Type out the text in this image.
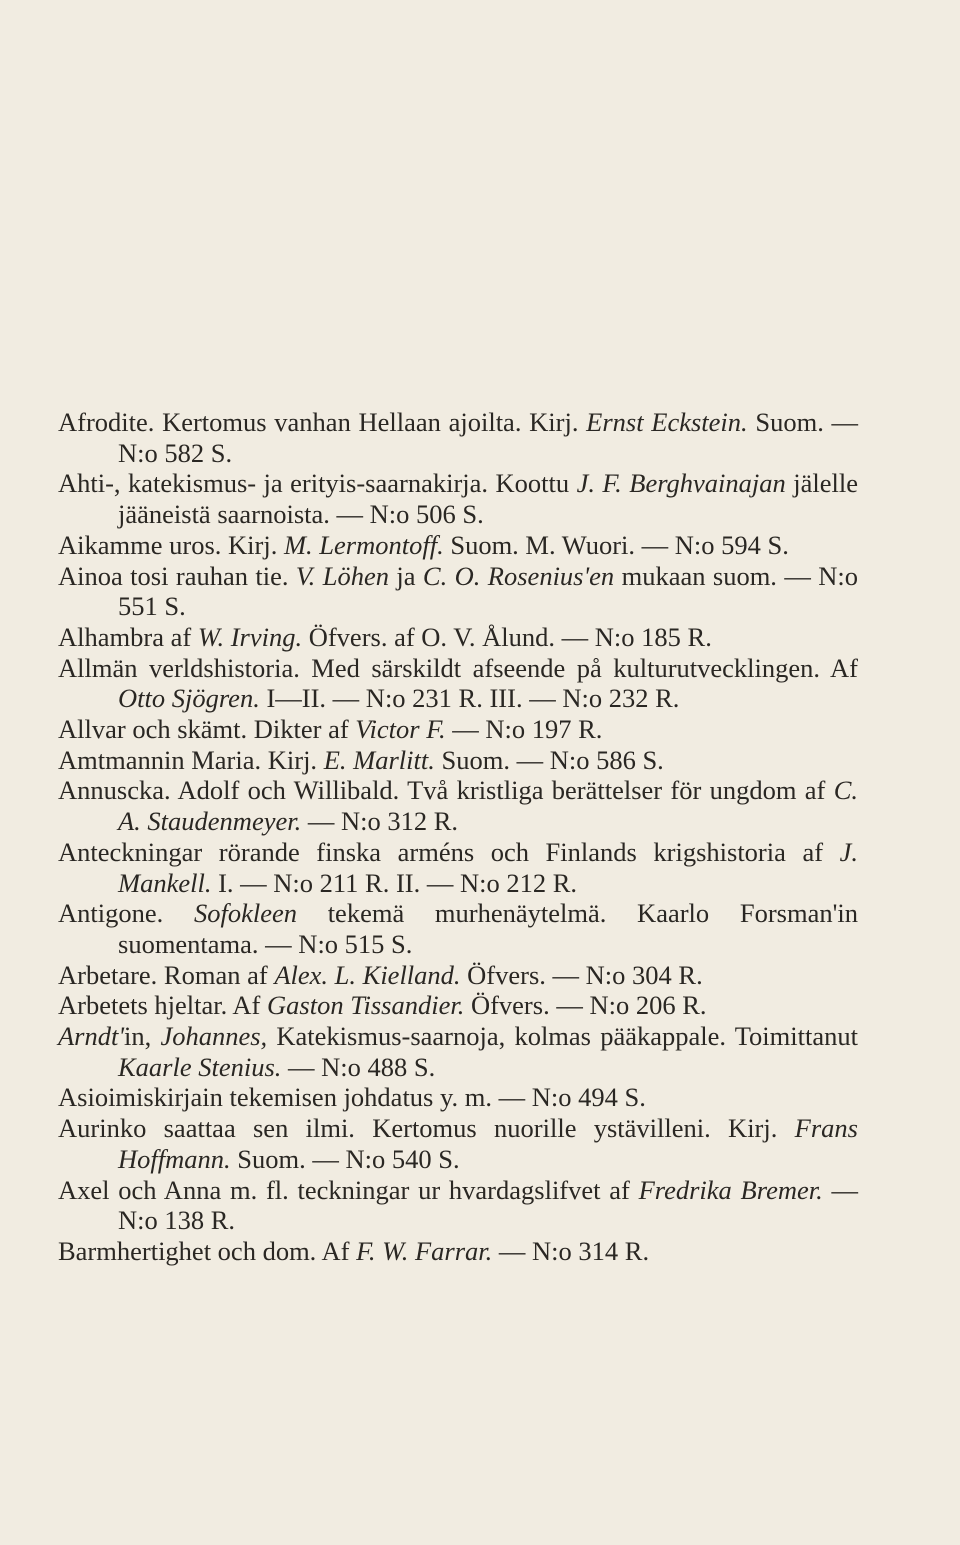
Afrodite. Kertomus vanhan Hellaan ajoilta. Kirj. Ernst Eckstein. Suom. — N:o 582 S.
Ahti-, katekismus- ja erityis-saarnakirja. Koottu J. F. Berghvainajan jälelle jääneistä saarnoista. — N:o 506 S.
Aikamme uros. Kirj. M. Lermontoff. Suom. M. Wuori. — N:o 594 S.
Ainoa tosi rauhan tie. V. Löhen ja C. O. Rosenius'en mukaan suom. — N:o 551 S.
Alhambra af W. Irving. Öfvers. af O. V. Ålund. — N:o 185 R.
Allmän verldshistoria. Med särskildt afseende på kulturutvecklingen. Af Otto Sjögren. I—II. — N:o 231 R. III. — N:o 232 R.
Allvar och skämt. Dikter af Victor F. — N:o 197 R.
Amtmannin Maria. Kirj. E. Marlitt. Suom. — N:o 586 S.
Annuscka. Adolf och Willibald. Två kristliga berättelser för ungdom af C. A. Staudenmeyer. — N:o 312 R.
Anteckningar rörande finska arméns och Finlands krigshistoria af J. Mankell. I. — N:o 211 R. II. — N:o 212 R.
Antigone. Sofokleen tekemä murhenäytelmä. Kaarlo Forsman'in suomentama. — N:o 515 S.
Arbetare. Roman af Alex. L. Kielland. Öfvers. — N:o 304 R.
Arbetets hjeltar. Af Gaston Tissandier. Öfvers. — N:o 206 R.
Arndt'in, Johannes, Katekismus-saarnoja, kolmas pääkappale. Toimittanut Kaarle Stenius. — N:o 488 S.
Asioimiskirjain tekemisen johdatus y. m. — N:o 494 S.
Aurinko saattaa sen ilmi. Kertomus nuorille ystävilleni. Kirj. Frans Hoffmann. Suom. — N:o 540 S.
Axel och Anna m. fl. teckningar ur hvardagslifvet af Fredrika Bremer. — N:o 138 R.
Barmhertighet och dom. Af F. W. Farrar. — N:o 314 R.
